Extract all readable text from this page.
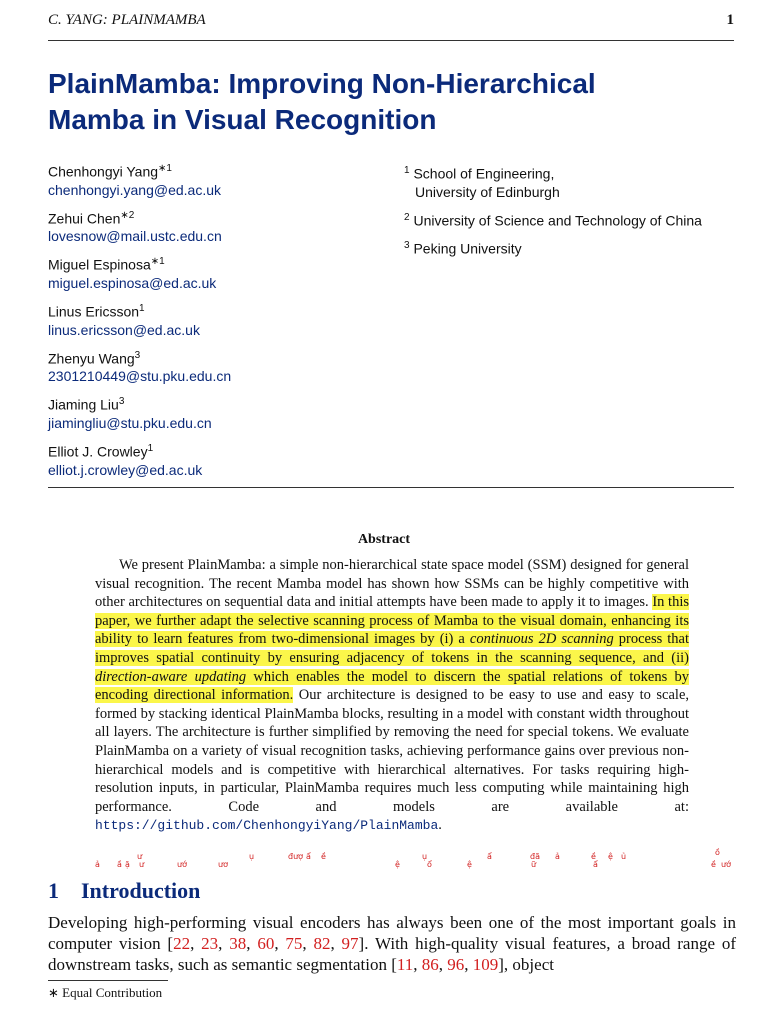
C. YANG: PLAINMAMBA	1
PlainMamba: Improving Non-Hierarchical
Mamba in Visual Recognition
Chenhongyi Yang$^{∗1}$
chenhongyi.yang@ed.ac.uk
Zehui Chen$^{∗2}$
lovesnow@mail.ustc.edu.cn
Miguel Espinosa$^{∗1}$
miguel.espinosa@ed.ac.uk
Linus Ericsson$^1$
linus.ericsson@ed.ac.uk
Zhenyu Wang$^3$
2301210449@stu.pku.edu.cn
Jiaming Liu$^3$
jiamingliu@stu.pku.edu.cn
Elliot J. Crowley$^1$
elliot.j.crowley@ed.ac.uk
$^1$ School of Engineering,
University of Edinburgh
$^2$ University of Science and Technology of China
$^3$ Peking University
Abstract

We present PlainMamba: a simple non-hierarchical state space model (SSM) designed for general visual recognition. The recent Mamba model has shown how SSMs can be highly competitive with other architectures on sequential data and initial attempts have been made to apply it to images. In this paper, we further adapt the selective scanning process of Mamba to the visual domain, enhancing its ability to learn features from two-dimensional images by (i) a continuous 2D scanning process that improves spatial continuity by ensuring adjacency of tokens in the scanning sequence, and (ii) direction-aware updating which enables the model to discern the spatial relations of tokens by encoding directional information. Our architecture is designed to be easy to use and easy to scale, formed by stacking identical PlainMamba blocks, resulting in a model with constant width throughout all layers. The architecture is further simplified by removing the need for special tokens. We evaluate PlainMamba on a variety of visual recognition tasks, achieving performance gains over previous non-hierarchical models and is competitive with hierarchical alternatives. For tasks requiring high-resolution inputs, in particular, PlainMamba requires much less computing while maintaining high performance. Code and models are available at: https://github.com/ChenhongyiYang/PlainMamba.

ả ầ ặ
ư
ư	ướ	ươ
ụ	đượ ẩ ề
ệ
ụ
ổ	ệ
ẩ	đã
ữ
ả	ề ệ ủ
ẩ
ồ
ề ướ
1 Introduction

Developing high-performing visual encoders has always been one of the most important goals in computer vision [22, 23, 38, 60, 75, 82, 97]. With high-quality visual features, a broad range of downstream tasks, such as semantic segmentation [11, 86, 96, 109], object

∗ Equal Contribution
